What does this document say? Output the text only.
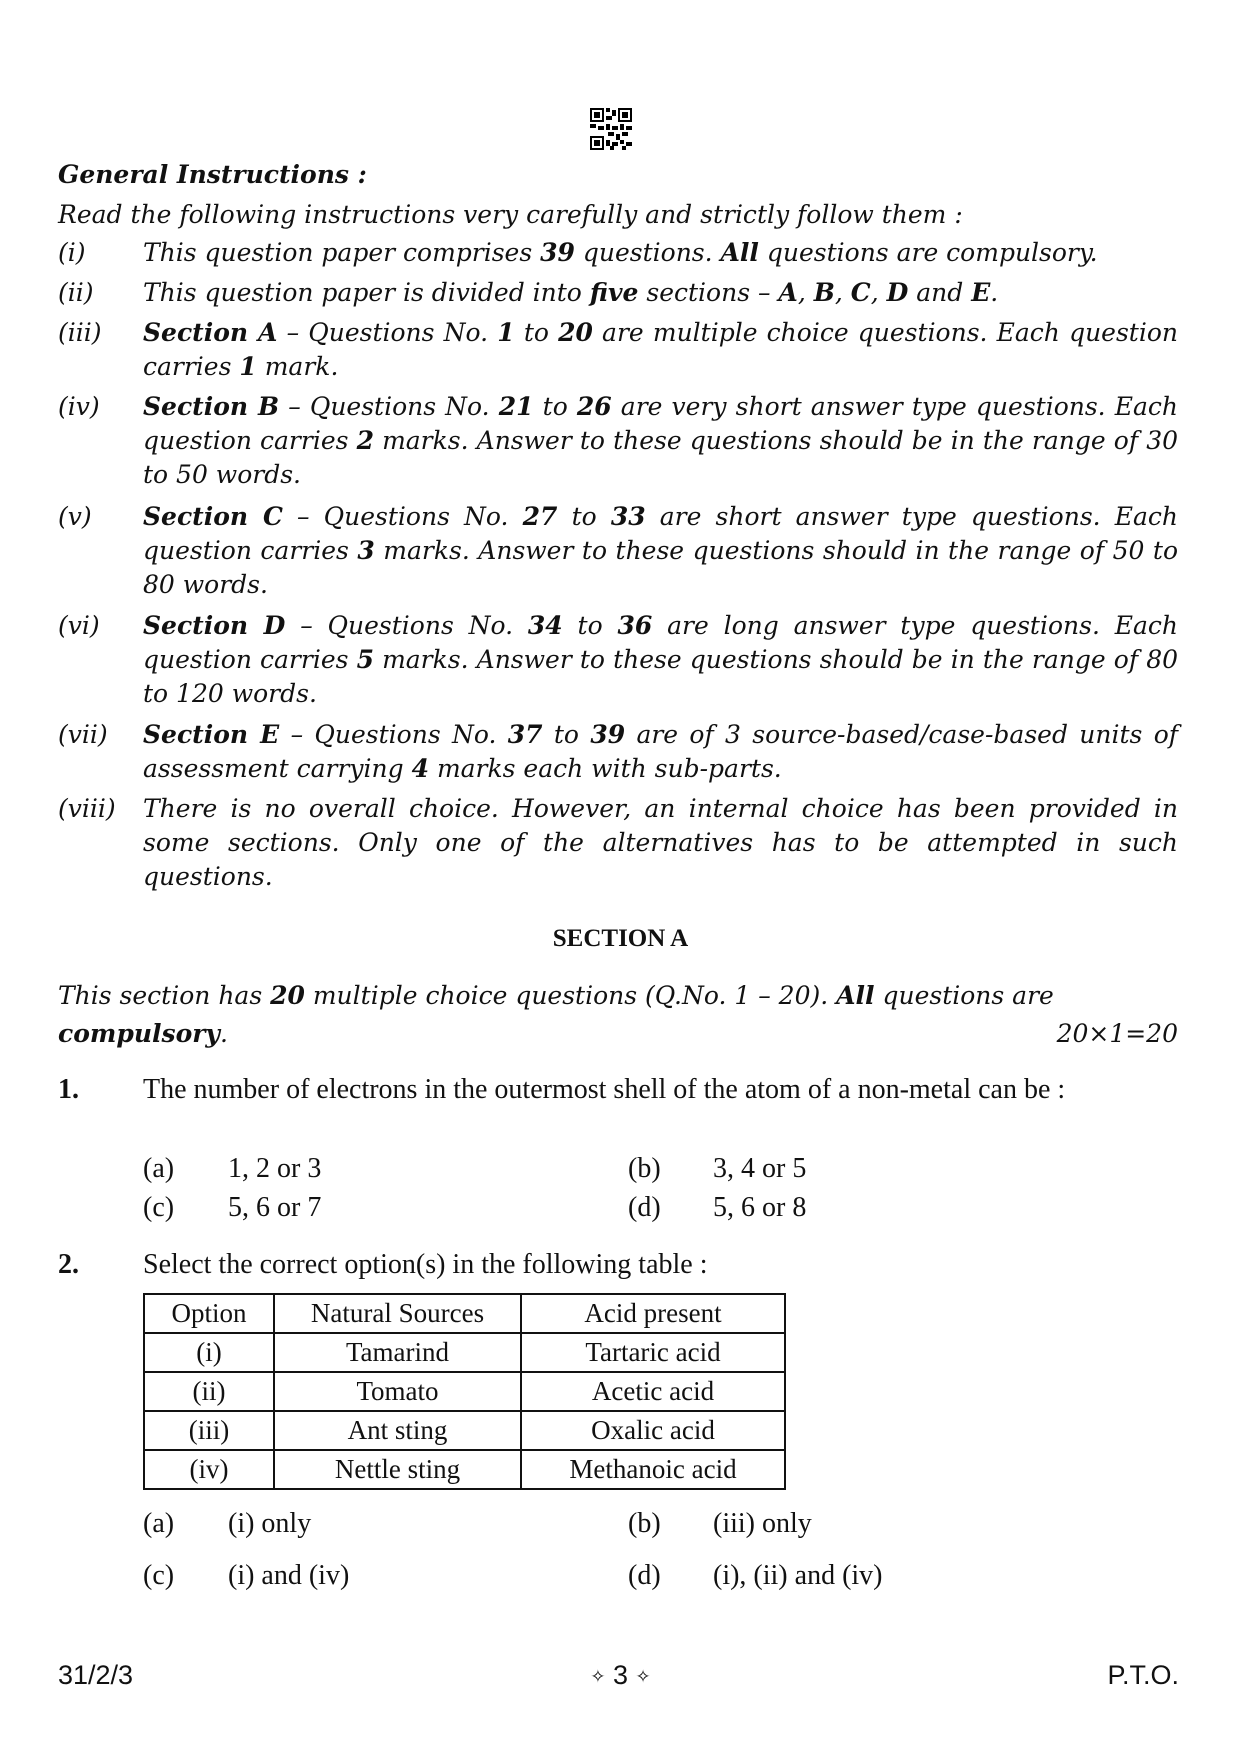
General Instructions :
Read the following instructions very carefully and strictly follow them :
(i)	This question paper comprises 39 questions. All questions are compulsory.
(ii)	This question paper is divided into five sections – A, B, C, D and E.
(iii)	Section A – Questions No. 1 to 20 are multiple choice questions. Each question carries 1 mark.
(iv)	Section B – Questions No. 21 to 26 are very short answer type questions. Each question carries 2 marks. Answer to these questions should be in the range of 30 to 50 words.
(v)	Section C – Questions No. 27 to 33 are short answer type questions. Each question carries 3 marks. Answer to these questions should in the range of 50 to 80 words.
(vi)	Section D – Questions No. 34 to 36 are long answer type questions. Each question carries 5 marks. Answer to these questions should be in the range of 80 to 120 words.
(vii)	Section E – Questions No. 37 to 39 are of 3 source-based/case-based units of assessment carrying 4 marks each with sub-parts.
(viii)	There is no overall choice. However, an internal choice has been provided in some sections. Only one of the alternatives has to be attempted in such questions.
SECTION A
This section has 20 multiple choice questions (Q.No. 1 – 20). All questions are compulsory.	20×1=20
1. The number of electrons in the outermost shell of the atom of a non-metal can be :
(a) 1, 2 or 3	(b) 3, 4 or 5
(c) 5, 6 or 7	(d) 5, 6 or 8
2. Select the correct option(s) in the following table :
Option	Natural Sources	Acid present
(i)	Tamarind	Tartaric acid
(ii)	Tomato	Acetic acid
(iii)	Ant sting	Oxalic acid
(iv)	Nettle sting	Methanoic acid
(a) (i) only	(b) (iii) only
(c) (i) and (iv)	(d) (i), (ii) and (iv)
31/2/3	✧ 3 ✧	P.T.O.
